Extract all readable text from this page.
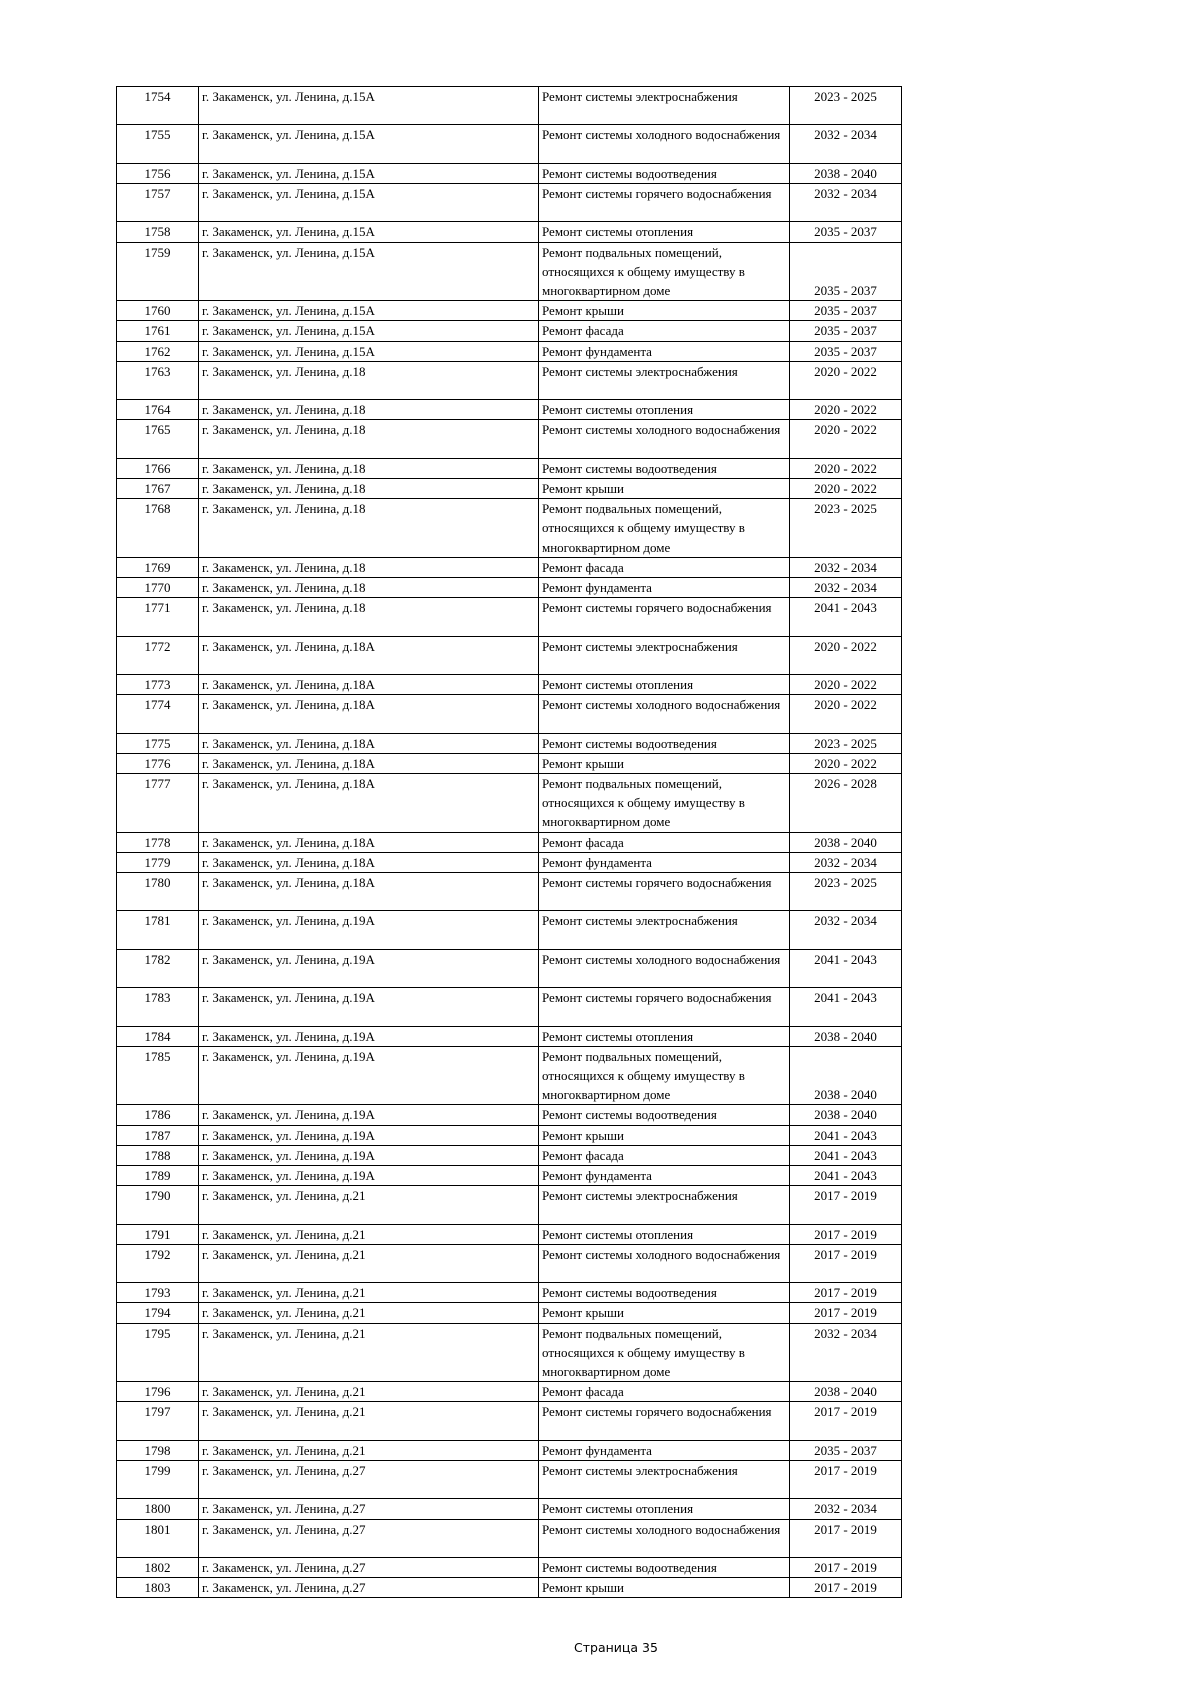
1754	г. Закаменск, ул. Ленина, д.15А	Ремонт системы электроснабжения	2023 - 2025
1755	г. Закаменск, ул. Ленина, д.15А	Ремонт системы холодного водоснабжения	2032 - 2034
1756	г. Закаменск, ул. Ленина, д.15А	Ремонт системы водоотведения	2038 - 2040
1757	г. Закаменск, ул. Ленина, д.15А	Ремонт системы горячего водоснабжения	2032 - 2034
1758	г. Закаменск, ул. Ленина, д.15А	Ремонт системы отопления	2035 - 2037
1759	г. Закаменск, ул. Ленина, д.15А	Ремонт подвальных помещений, относящихся к общему имуществу в многоквартирном доме	2035 - 2037
1760	г. Закаменск, ул. Ленина, д.15А	Ремонт крыши	2035 - 2037
1761	г. Закаменск, ул. Ленина, д.15А	Ремонт фасада	2035 - 2037
1762	г. Закаменск, ул. Ленина, д.15А	Ремонт фундамента	2035 - 2037
1763	г. Закаменск, ул. Ленина, д.18	Ремонт системы электроснабжения	2020 - 2022
1764	г. Закаменск, ул. Ленина, д.18	Ремонт системы отопления	2020 - 2022
1765	г. Закаменск, ул. Ленина, д.18	Ремонт системы холодного водоснабжения	2020 - 2022
1766	г. Закаменск, ул. Ленина, д.18	Ремонт системы водоотведения	2020 - 2022
1767	г. Закаменск, ул. Ленина, д.18	Ремонт крыши	2020 - 2022
1768	г. Закаменск, ул. Ленина, д.18	Ремонт подвальных помещений, относящихся к общему имуществу в многоквартирном доме	2023 - 2025
1769	г. Закаменск, ул. Ленина, д.18	Ремонт фасада	2032 - 2034
1770	г. Закаменск, ул. Ленина, д.18	Ремонт фундамента	2032 - 2034
1771	г. Закаменск, ул. Ленина, д.18	Ремонт системы горячего водоснабжения	2041 - 2043
1772	г. Закаменск, ул. Ленина, д.18А	Ремонт системы электроснабжения	2020 - 2022
1773	г. Закаменск, ул. Ленина, д.18А	Ремонт системы отопления	2020 - 2022
1774	г. Закаменск, ул. Ленина, д.18А	Ремонт системы холодного водоснабжения	2020 - 2022
1775	г. Закаменск, ул. Ленина, д.18А	Ремонт системы водоотведения	2023 - 2025
1776	г. Закаменск, ул. Ленина, д.18А	Ремонт крыши	2020 - 2022
1777	г. Закаменск, ул. Ленина, д.18А	Ремонт подвальных помещений, относящихся к общему имуществу в многоквартирном доме	2026 - 2028
1778	г. Закаменск, ул. Ленина, д.18А	Ремонт фасада	2038 - 2040
1779	г. Закаменск, ул. Ленина, д.18А	Ремонт фундамента	2032 - 2034
1780	г. Закаменск, ул. Ленина, д.18А	Ремонт системы горячего водоснабжения	2023 - 2025
1781	г. Закаменск, ул. Ленина, д.19А	Ремонт системы электроснабжения	2032 - 2034
1782	г. Закаменск, ул. Ленина, д.19А	Ремонт системы холодного водоснабжения	2041 - 2043
1783	г. Закаменск, ул. Ленина, д.19А	Ремонт системы горячего водоснабжения	2041 - 2043
1784	г. Закаменск, ул. Ленина, д.19А	Ремонт системы отопления	2038 - 2040
1785	г. Закаменск, ул. Ленина, д.19А	Ремонт подвальных помещений, относящихся к общему имуществу в многоквартирном доме	2038 - 2040
1786	г. Закаменск, ул. Ленина, д.19А	Ремонт системы водоотведения	2038 - 2040
1787	г. Закаменск, ул. Ленина, д.19А	Ремонт крыши	2041 - 2043
1788	г. Закаменск, ул. Ленина, д.19А	Ремонт фасада	2041 - 2043
1789	г. Закаменск, ул. Ленина, д.19А	Ремонт фундамента	2041 - 2043
1790	г. Закаменск, ул. Ленина, д.21	Ремонт системы электроснабжения	2017 - 2019
1791	г. Закаменск, ул. Ленина, д.21	Ремонт системы отопления	2017 - 2019
1792	г. Закаменск, ул. Ленина, д.21	Ремонт системы холодного водоснабжения	2017 - 2019
1793	г. Закаменск, ул. Ленина, д.21	Ремонт системы водоотведения	2017 - 2019
1794	г. Закаменск, ул. Ленина, д.21	Ремонт крыши	2017 - 2019
1795	г. Закаменск, ул. Ленина, д.21	Ремонт подвальных помещений, относящихся к общему имуществу в многоквартирном доме	2032 - 2034
1796	г. Закаменск, ул. Ленина, д.21	Ремонт фасада	2038 - 2040
1797	г. Закаменск, ул. Ленина, д.21	Ремонт системы горячего водоснабжения	2017 - 2019
1798	г. Закаменск, ул. Ленина, д.21	Ремонт фундамента	2035 - 2037
1799	г. Закаменск, ул. Ленина, д.27	Ремонт системы электроснабжения	2017 - 2019
1800	г. Закаменск, ул. Ленина, д.27	Ремонт системы отопления	2032 - 2034
1801	г. Закаменск, ул. Ленина, д.27	Ремонт системы холодного водоснабжения	2017 - 2019
1802	г. Закаменск, ул. Ленина, д.27	Ремонт системы водоотведения	2017 - 2019
1803	г. Закаменск, ул. Ленина, д.27	Ремонт крыши	2017 - 2019
Страница 35
